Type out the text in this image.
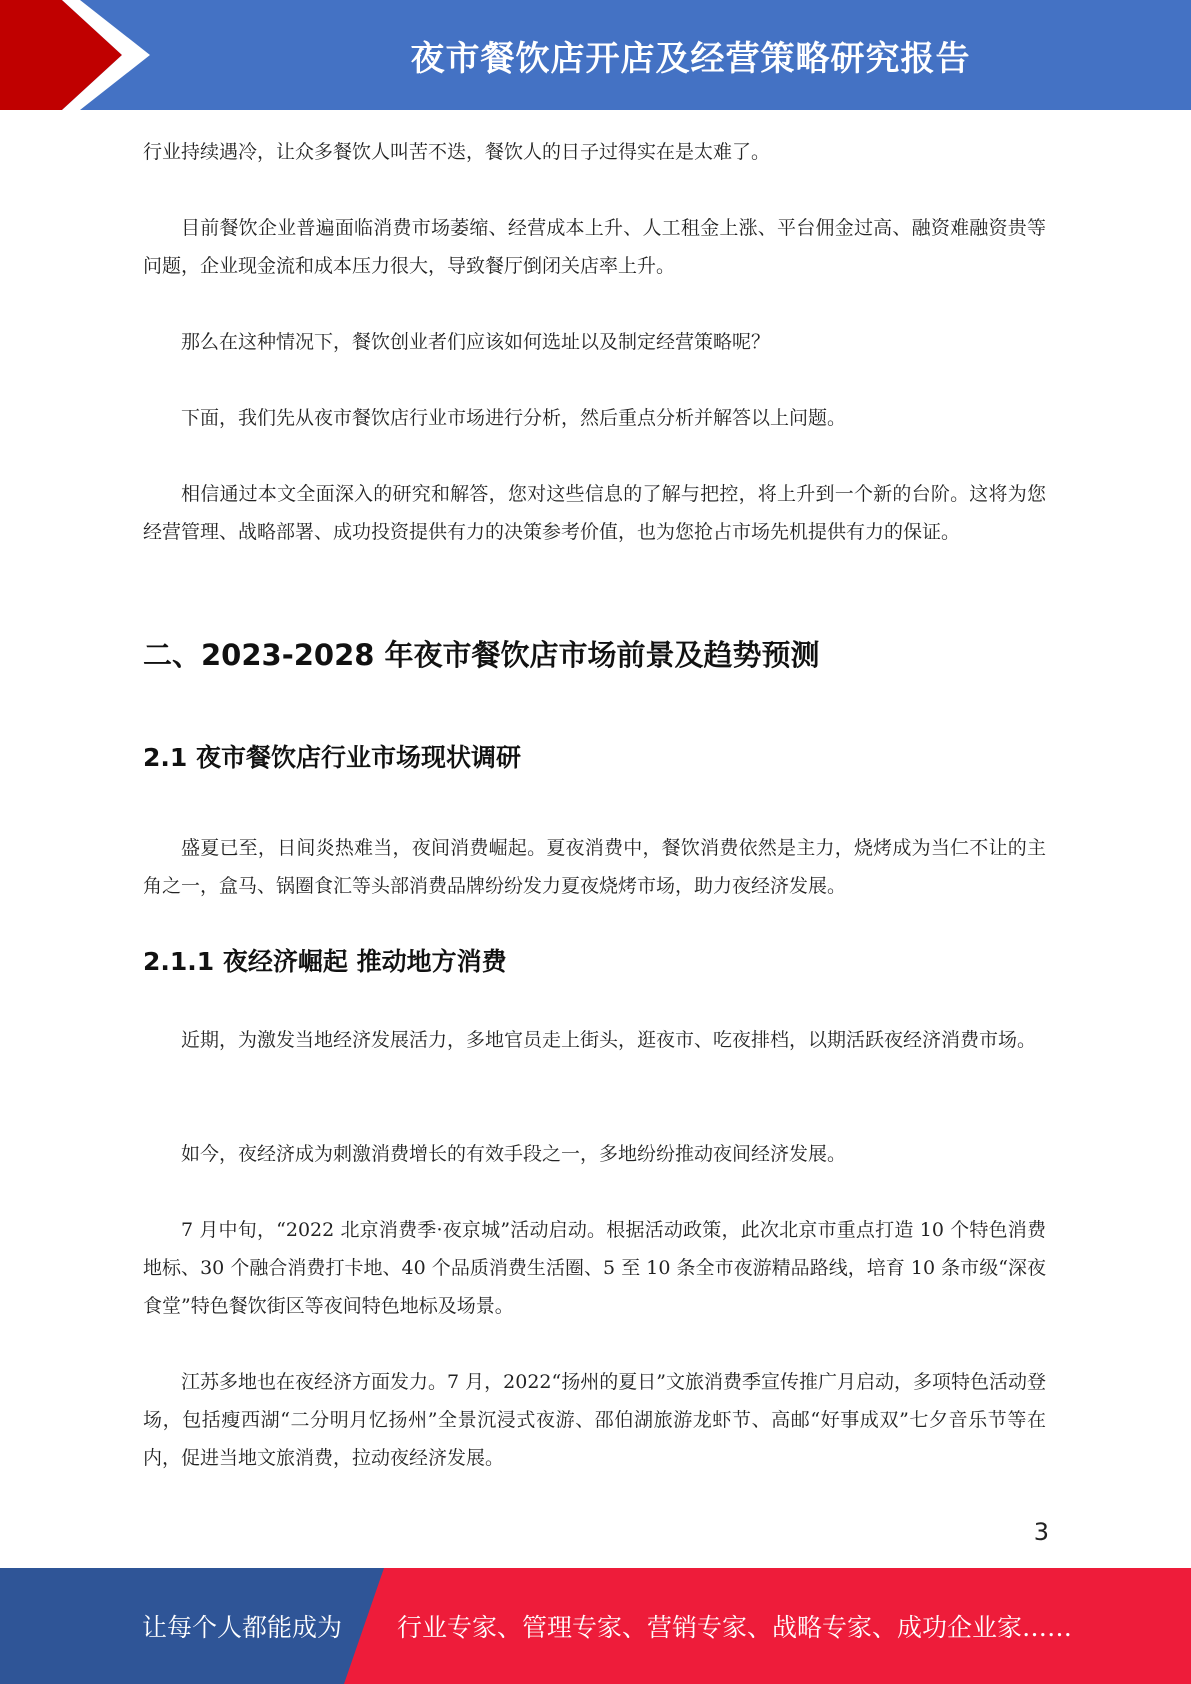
夜市餐饮店开店及经营策略研究报告

行业持续遇冷，让众多餐饮人叫苦不迭，餐饮人的日子过得实在是太难了。

目前餐饮企业普遍面临消费市场萎缩、经营成本上升、人工租金上涨、平台佣金过高、融资难融资贵等问题，企业现金流和成本压力很大，导致餐厅倒闭关店率上升。

那么在这种情况下，餐饮创业者们应该如何选址以及制定经营策略呢？

下面，我们先从夜市餐饮店行业市场进行分析，然后重点分析并解答以上问题。

相信通过本文全面深入的研究和解答，您对这些信息的了解与把控，将上升到一个新的台阶。这将为您经营管理、战略部署、成功投资提供有力的决策参考价值，也为您抢占市场先机提供有力的保证。

二、2023-2028 年夜市餐饮店市场前景及趋势预测
2.1 夜市餐饮店行业市场现状调研

盛夏已至，日间炎热难当，夜间消费崛起。夏夜消费中，餐饮消费依然是主力，烧烤成为当仁不让的主角之一，盒马、锅圈食汇等头部消费品牌纷纷发力夏夜烧烤市场，助力夜经济发展。

2.1.1 夜经济崛起 推动地方消费

近期，为激发当地经济发展活力，多地官员走上街头，逛夜市、吃夜排档，以期活跃夜经济消费市场。

如今，夜经济成为刺激消费增长的有效手段之一，多地纷纷推动夜间经济发展。

7 月中旬，“2022 北京消费季·夜京城”活动启动。根据活动政策，此次北京市重点打造 10 个特色消费地标、30 个融合消费打卡地、40 个品质消费生活圈、5 至 10 条全市夜游精品路线，培育 10 条市级“深夜食堂”特色餐饮街区等夜间特色地标及场景。

江苏多地也在夜经济方面发力。7 月，2022“扬州的夏日”文旅消费季宣传推广月启动，多项特色活动登场，包括瘦西湖“二分明月忆扬州”全景沉浸式夜游、邵伯湖旅游龙虾节、高邮“好事成双”七夕音乐节等在内，促进当地文旅消费，拉动夜经济发展。

3
让每个人都能成为 行业专家、管理专家、营销专家、战略专家、成功企业家……
